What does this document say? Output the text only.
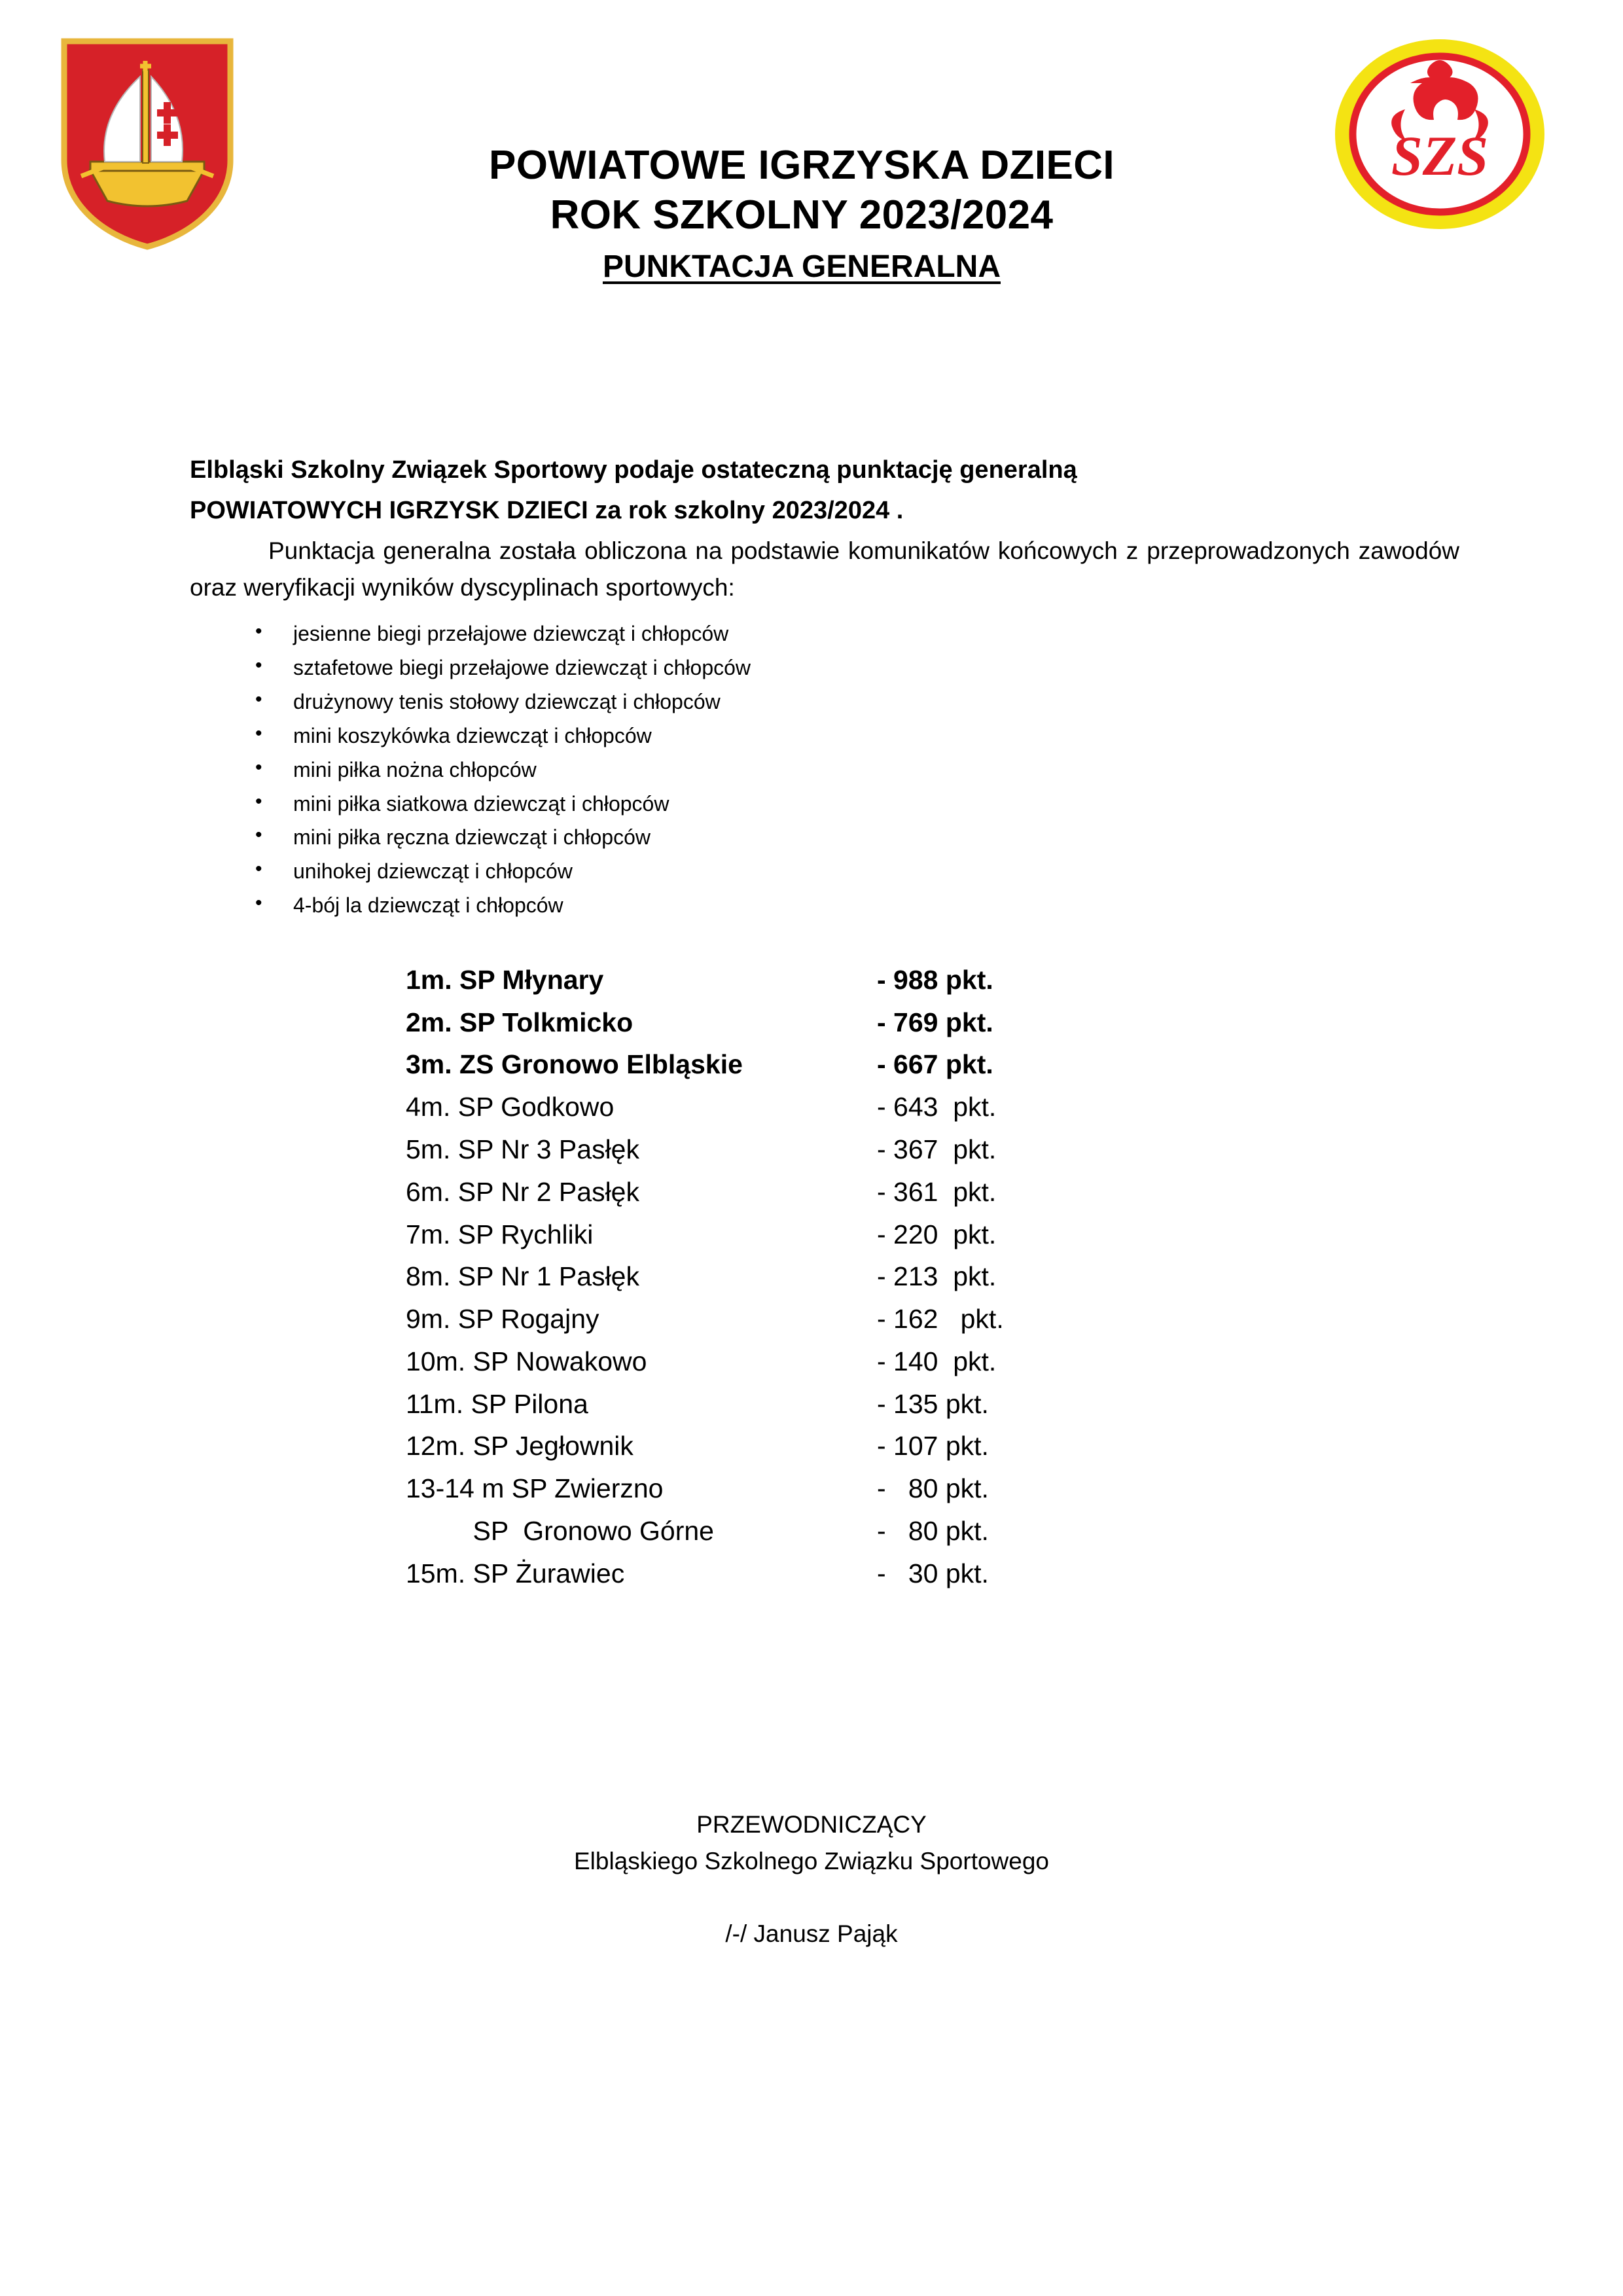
SZS
POWIATOWE IGRZYSKA DZIECI
ROK SZKOLNY 2023/2024
PUNKTACJA GENERALNA

Elbląski Szkolny Związek Sportowy podaje ostateczną punktację generalną

POWIATOWYCH IGRZYSK DZIECI za rok szkolny 2023/2024 .

Punktacja generalna została obliczona na podstawie komunikatów końcowych z przeprowadzonych zawodów oraz weryfikacji wyników dyscyplinach sportowych:

• jesienne biegi przełajowe dziewcząt i chłopców
• sztafetowe biegi przełajowe dziewcząt i chłopców
• drużynowy tenis stołowy dziewcząt i chłopców
• mini koszykówka dziewcząt i chłopców
• mini piłka nożna chłopców
• mini piłka siatkowa dziewcząt i chłopców
• mini piłka ręczna dziewcząt i chłopców
• unihokej dziewcząt i chłopców
• 4-bój la dziewcząt i chłopców
1m. SP Młynary	- 988 pkt.
2m. SP Tolkmicko	- 769 pkt.
3m. ZS Gronowo Elbląskie	- 667 pkt.
4m. SP Godkowo	- 643  pkt.
5m. SP Nr 3 Pasłęk	- 367  pkt.
6m. SP Nr 2 Pasłęk	- 361  pkt.
7m. SP Rychliki	- 220  pkt.
8m. SP Nr 1 Pasłęk	- 213  pkt.
9m. SP Rogajny	- 162   pkt.
10m. SP Nowakowo	- 140  pkt.
11m. SP Pilona	- 135 pkt.
12m. SP Jegłownik	- 107 pkt.
13-14 m SP Zwierzno	-   80 pkt.
SP  Gronowo Górne	-   80 pkt.
15m. SP Żurawiec	-   30 pkt.
PRZEWODNICZĄCY
Elbląskiego Szkolnego Związku Sportowego
/-/ Janusz Pająk
